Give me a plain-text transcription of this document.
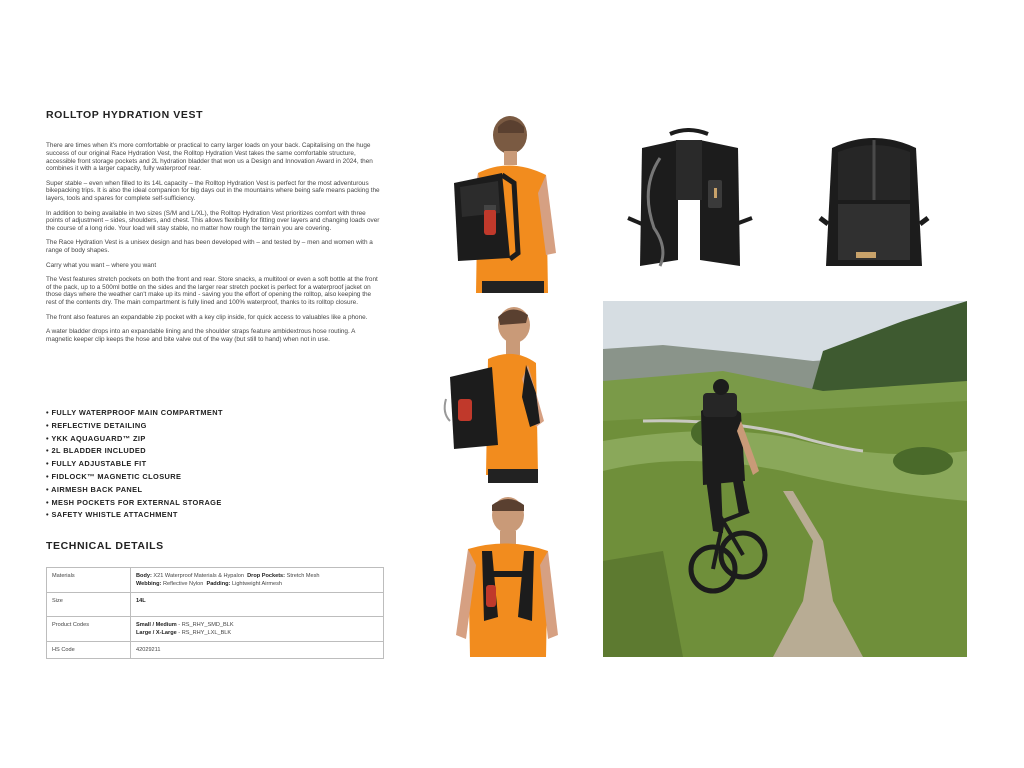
ROLLTOP HYDRATION VEST

There are times when it's more comfortable or practical to carry larger loads on your back. Capitalising on the huge success of our original Race Hydration Vest, the Rolltop Hydration Vest takes the same comfortable structure, accessible front storage pockets and 2L hydration bladder that won us a Design and Innovation Award in 2024, then combines it with a larger capacity, fully waterproof rear.

Super stable – even when filled to its 14L capacity – the Rolltop Hydration Vest is perfect for the most adventurous bikepacking trips. It is also the ideal companion for big days out in the mountains where being safe means packing the layers, tools and spares for complete self-sufficiency.

In addition to being available in two sizes (S/M and L/XL), the Rolltop Hydration Vest prioritizes comfort with three points of adjustment – sides, shoulders, and chest. This allows flexibility for fitting over layers and changing loads over the course of a long ride. Your load will stay stable, no matter how rough the terrain you are covering.

The Race Hydration Vest is a unisex design and has been developed with – and tested by – men and women with a range of body shapes.

Carry what you want – where you want

The Vest features stretch pockets on both the front and rear. Store snacks, a multitool or even a soft bottle at the front of the pack, up to a 500ml bottle on the sides and the larger rear stretch pocket is perfect for a waterproof jacket on those days where the weather can't make up its mind - saving you the effort of opening the rolltop, also keeping the rest of the contents dry. The main compartment is fully lined and 100% waterproof, thanks to its rolltop closure.

The front also features an expandable zip pocket with a key clip inside, for quick access to valuables like a phone.

A water bladder drops into an expandable lining and the shoulder straps feature ambidextrous hose routing. A magnetic keeper clip keeps the hose and bite valve out of the way (but still to hand) when not in use.

• FULLY WATERPROOF MAIN COMPARTMENT
• REFLECTIVE DETAILING
• YKK AQUAGUARD™ ZIP
• 2L BLADDER INCLUDED
• FULLY ADJUSTABLE FIT
• FIDLOCK™ MAGNETIC CLOSURE
• AIRMESH BACK PANEL
• MESH POCKETS FOR EXTERNAL STORAGE
• SAFETY WHISTLE ATTACHMENT
TECHNICAL DETAILS
Materials	Body: X21 Waterproof Materials & Hypalon Drop Pockets: Stretch Mesh
Webbing: Reflective Nylon Padding: Lightweight Airmesh
Size	14L
Product Codes	Small / Medium - RS_RHY_SMD_BLK
Large / X-Large - RS_RHY_LXL_BLK
HS Code	42029211
